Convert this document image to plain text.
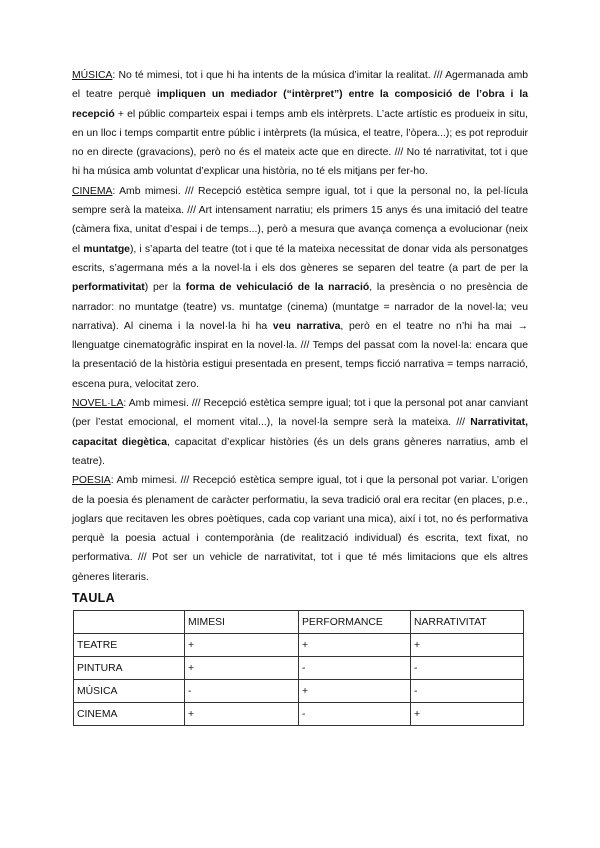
MÚSICA: No té mimesi, tot i que hi ha intents de la música d’imitar la realitat. /// Agermanada amb el teatre perquè impliquen un mediador (“intèrpret”) entre la composició de l’obra i la recepció + el públic comparteix espai i temps amb els intèrprets. L’acte artístic es produeix in situ, en un lloc i temps compartit entre públic i intèrprets (la música, el teatre, l’òpera...); es pot reproduir no en directe (gravacions), però no és el mateix acte que en directe. /// No té narrativitat, tot i que hi ha música amb voluntat d’explicar una història, no té els mitjans per fer-ho.

CINEMA: Amb mimesi. /// Recepció estètica sempre igual, tot i que la personal no, la pel·lícula sempre serà la mateixa. /// Art intensament narratiu; els primers 15 anys és una imitació del teatre (càmera fixa, unitat d’espai i de temps...), però a mesura que avança comença a evolucionar (neix el muntatge), i s’aparta del teatre (tot i que té la mateixa necessitat de donar vida als personatges escrits, s’agermana més a la novel·la i els dos gèneres se separen del teatre (a part de per la performativitat) per la forma de vehiculació de la narració, la presència o no presència de narrador: no muntatge (teatre) vs. muntatge (cinema) (muntatge = narrador de la novel·la; veu narrativa). Al cinema i la novel·la hi ha veu narrativa, però en el teatre no n’hi ha mai → llenguatge cinematogràfic inspirat en la novel·la. /// Temps del passat com la novel·la: encara que la presentació de la història estigui presentada en present, temps ficció narrativa = temps narració, escena pura, velocitat zero.

NOVEL·LA: Amb mimesi. /// Recepció estètica sempre igual; tot i que la personal pot anar canviant (per l’estat emocional, el moment vital...), la novel·la sempre serà la mateixa. /// Narrativitat, capacitat diegètica, capacitat d’explicar històries (és un dels grans gèneres narratius, amb el teatre).

POESIA: Amb mimesi. /// Recepció estètica sempre igual, tot i que la personal pot variar. L’origen de la poesia és plenament de caràcter performatiu, la seva tradició oral era recitar (en places, p.e., joglars que recitaven les obres poètiques, cada cop variant una mica), així i tot, no és performativa perquè la poesia actual i contemporània (de realització individual) és escrita, text fixat, no performativa. /// Pot ser un vehicle de narrativitat, tot i que té més limitacions que els altres gèneres literaris.

TAULA
	MIMESI	PERFORMANCE	NARRATIVITAT
TEATRE	+	+	+
PINTURA	+	-	-
MÚSICA	-	+	-
CINEMA	+	-	+
